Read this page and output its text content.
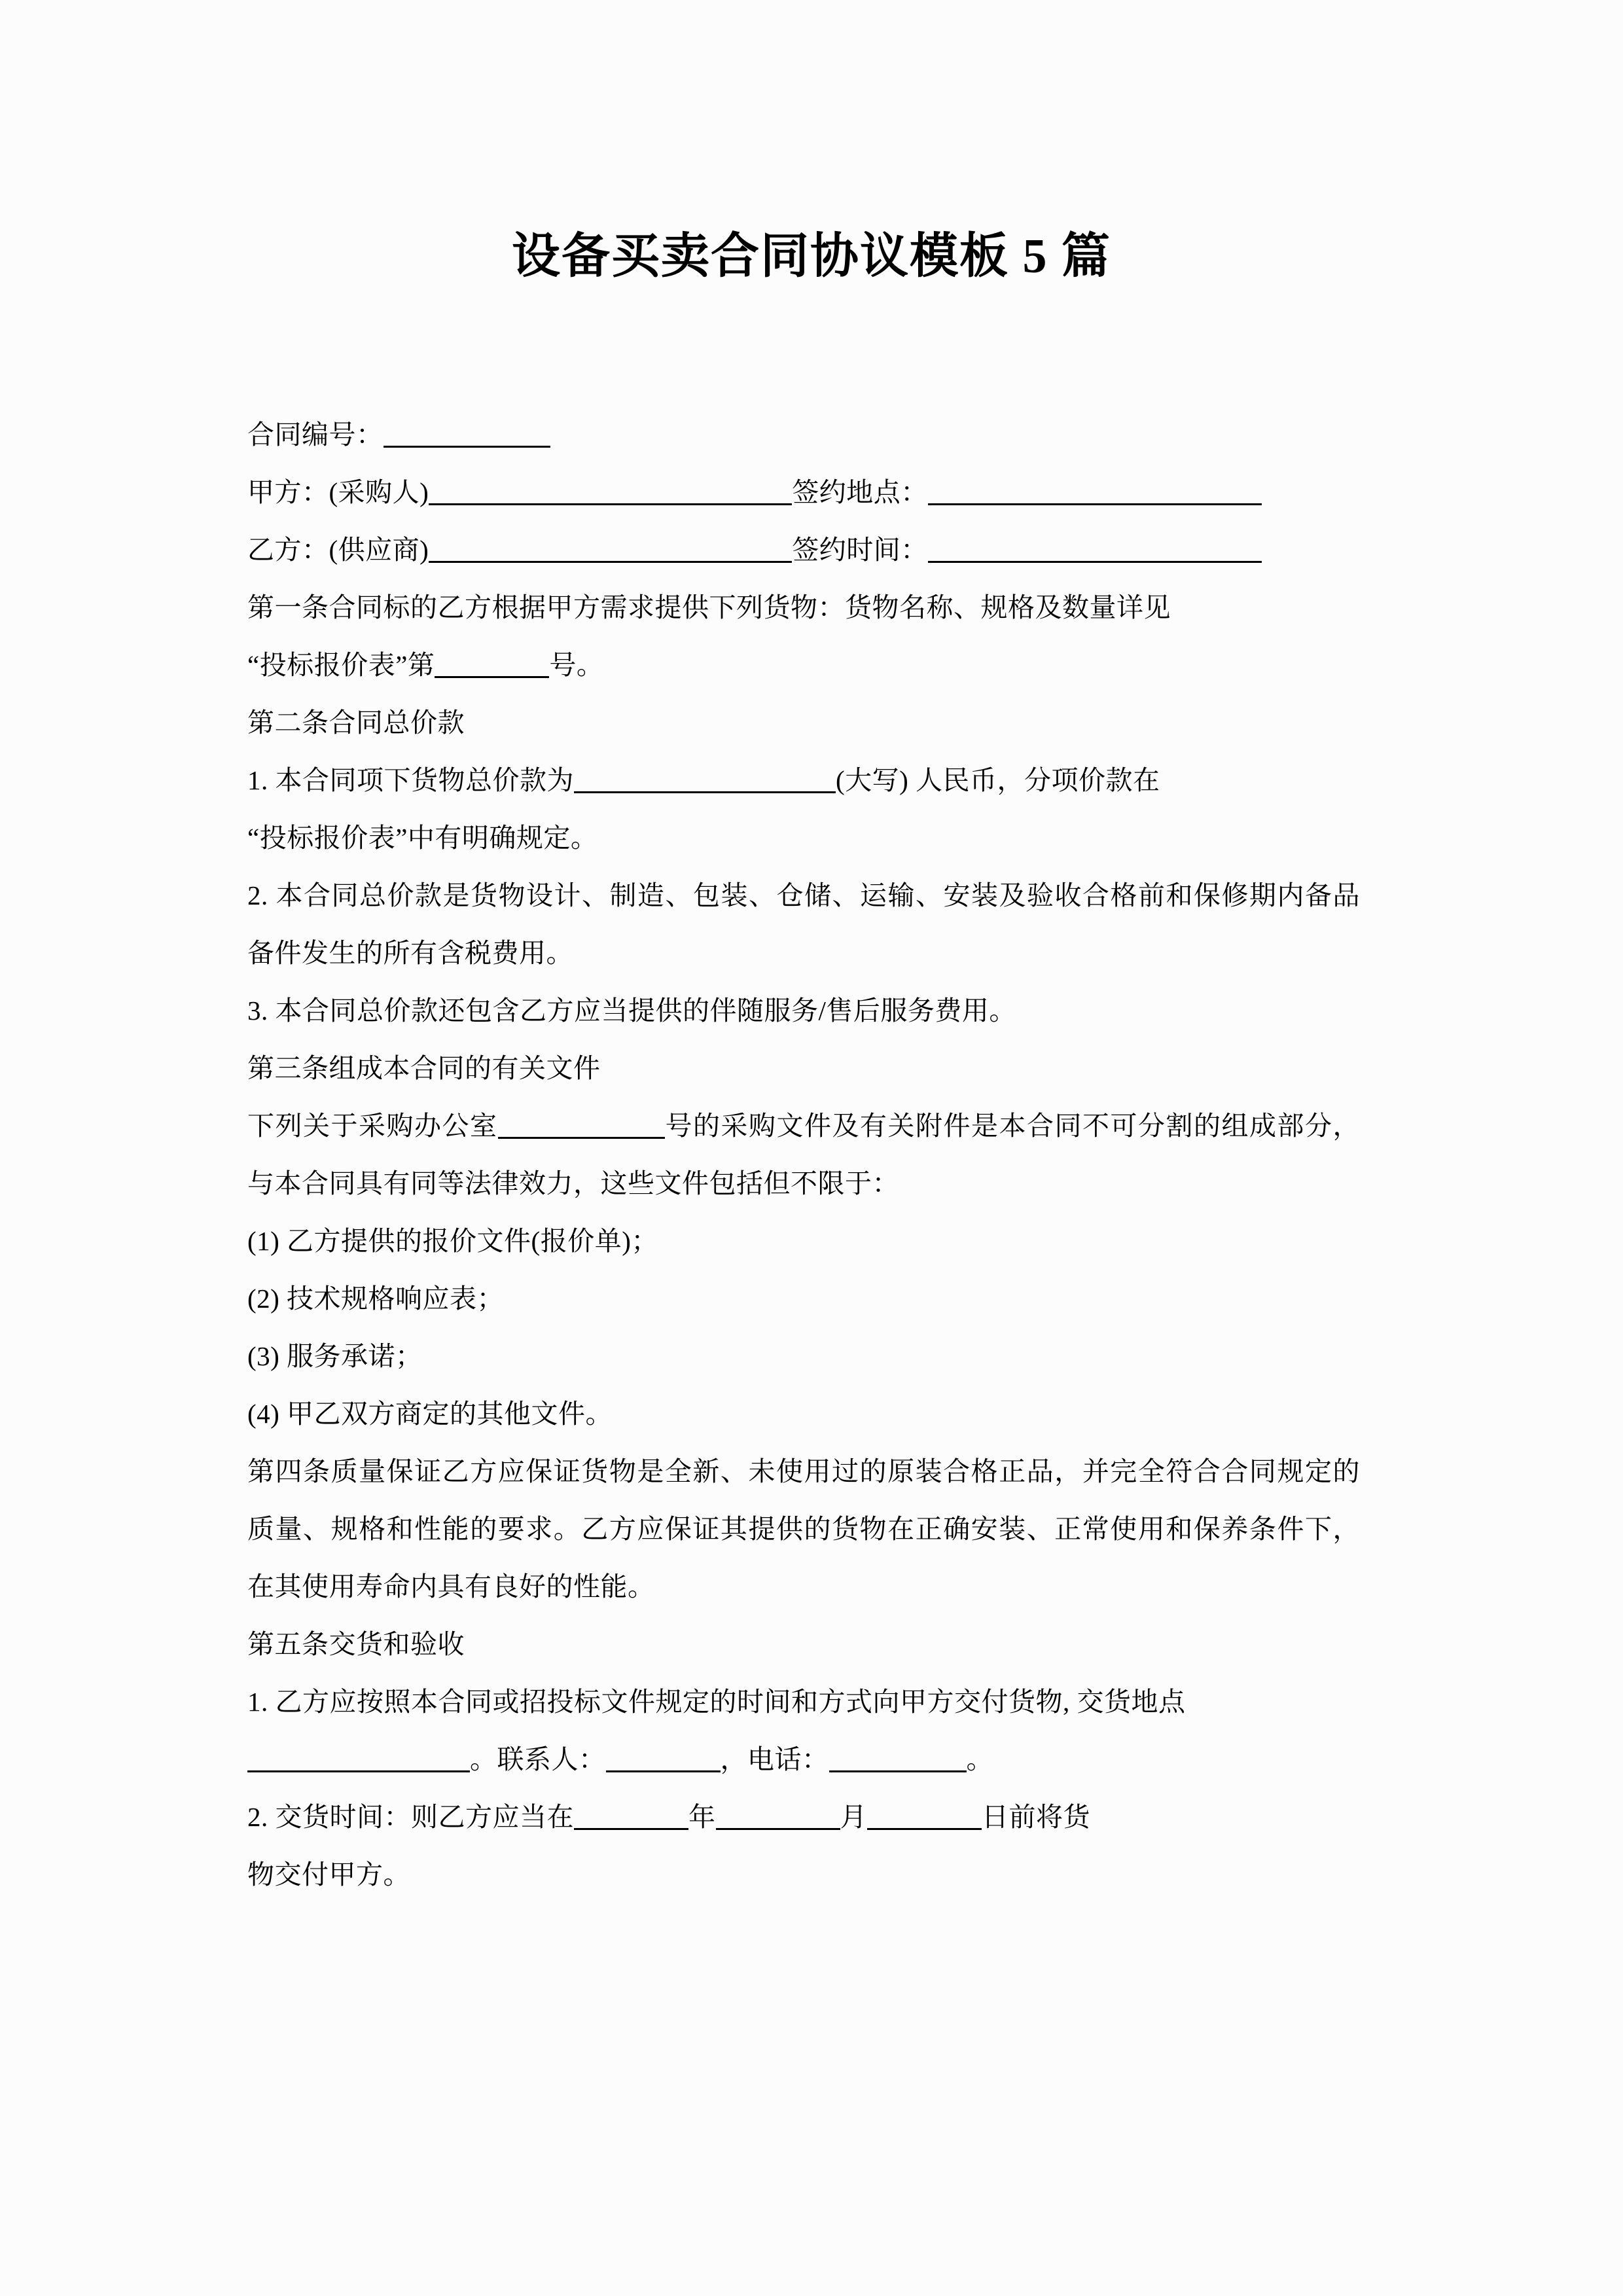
设备买卖合同协议模板 5 篇
合同编号：
甲方：(采购人)	签约地点：
乙方：(供应商)	签约时间：
第一条合同标的乙方根据甲方需求提供下列货物：货物名称、规格及数量详见
“投标报价表”第	号。
第二条合同总价款
1. 本合同项下货物总价款为	(大写) 人民币，分项价款在
“投标报价表”中有明确规定。
2. 本合同总价款是货物设计、制造、包装、仓储、运输、安装及验收合格前和保修期内备品备件发生的所有含税费用。
3. 本合同总价款还包含乙方应当提供的伴随服务/售后服务费用。
第三条组成本合同的有关文件
下列关于采购办公室	号的采购文件及有关附件是本合同不可分割的组成部分，与本合同具有同等法律效力，这些文件包括但不限于：
(1) 乙方提供的报价文件(报价单)；
(2) 技术规格响应表；
(3) 服务承诺；
(4) 甲乙双方商定的其他文件。
第四条质量保证乙方应保证货物是全新、未使用过的原装合格正品，并完全符合合同规定的质量、规格和性能的要求。乙方应保证其提供的货物在正确安装、正常使用和保养条件下，在其使用寿命内具有良好的性能。
第五条交货和验收
1. 乙方应按照本合同或招投标文件规定的时间和方式向甲方交付货物, 交货地点
。联系人：	，电话：	。
2. 交货时间：则乙方应当在	年	月	日前将货
物交付甲方。
